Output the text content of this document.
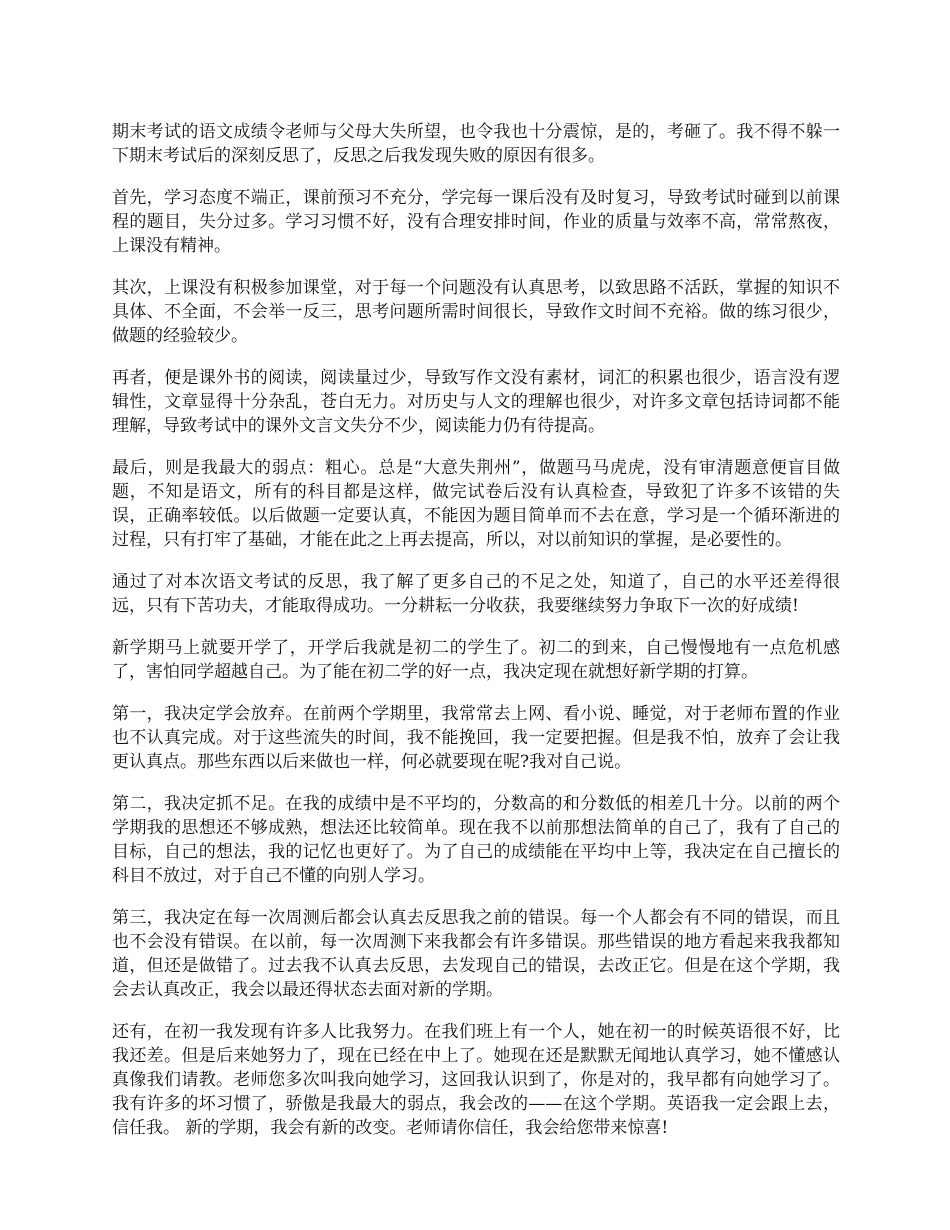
期末考试的语文成绩令老师与父母大失所望，也令我也十分震惊，是的，考砸了。我不得不躲一下期末考试后的深刻反思了，反思之后我发现失败的原因有很多。

首先，学习态度不端正，课前预习不充分，学完每一课后没有及时复习，导致考试时碰到以前课程的题目，失分过多。学习习惯不好，没有合理安排时间，作业的质量与效率不高，常常熬夜，上课没有精神。

其次，上课没有积极参加课堂，对于每一个问题没有认真思考，以致思路不活跃，掌握的知识不具体、不全面，不会举一反三，思考问题所需时间很长，导致作文时间不充裕。做的练习很少，做题的经验较少。

再者，便是课外书的阅读，阅读量过少，导致写作文没有素材，词汇的积累也很少，语言没有逻辑性，文章显得十分杂乱，苍白无力。对历史与人文的理解也很少，对许多文章包括诗词都不能理解，导致考试中的课外文言文失分不少，阅读能力仍有待提高。

最后，则是我最大的弱点：粗心。总是“大意失荆州”，做题马马虎虎，没有审清题意便盲目做题，不知是语文，所有的科目都是这样，做完试卷后没有认真检查，导致犯了许多不该错的失误，正确率较低。以后做题一定要认真，不能因为题目简单而不去在意，学习是一个循环渐进的过程，只有打牢了基础，才能在此之上再去提高，所以，对以前知识的掌握，是必要性的。

通过了对本次语文考试的反思，我了解了更多自己的不足之处，知道了，自己的水平还差得很远，只有下苦功夫，才能取得成功。一分耕耘一分收获，我要继续努力争取下一次的好成绩!

新学期马上就要开学了，开学后我就是初二的学生了。初二的到来，自己慢慢地有一点危机感了，害怕同学超越自己。为了能在初二学的好一点，我决定现在就想好新学期的打算。

第一，我决定学会放弃。在前两个学期里，我常常去上网、看小说、睡觉，对于老师布置的作业也不认真完成。对于这些流失的时间，我不能挽回，我一定要把握。但是我不怕，放弃了会让我更认真点。那些东西以后来做也一样，何必就要现在呢?我对自己说。

第二，我决定抓不足。在我的成绩中是不平均的，分数高的和分数低的相差几十分。以前的两个学期我的思想还不够成熟，想法还比较简单。现在我不以前那想法简单的自己了，我有了自己的目标，自己的想法，我的记忆也更好了。为了自己的成绩能在平均中上等，我决定在自己擅长的科目不放过，对于自己不懂的向别人学习。

第三，我决定在每一次周测后都会认真去反思我之前的错误。每一个人都会有不同的错误，而且也不会没有错误。在以前，每一次周测下来我都会有许多错误。那些错误的地方看起来我我都知道，但还是做错了。过去我不认真去反思，去发现自己的错误，去改正它。但是在这个学期，我会去认真改正，我会以最还得状态去面对新的学期。

还有，在初一我发现有许多人比我努力。在我们班上有一个人，她在初一的时候英语很不好，比我还差。但是后来她努力了，现在已经在中上了。她现在还是默默无闻地认真学习，她不懂感认真像我们请教。老师您多次叫我向她学习，这回我认识到了，你是对的，我早都有向她学习了。我有许多的坏习惯了，骄傲是我最大的弱点，我会改的——在这个学期。英语我一定会跟上去，信任我。 新的学期，我会有新的改变。老师请你信任，我会给您带来惊喜!
